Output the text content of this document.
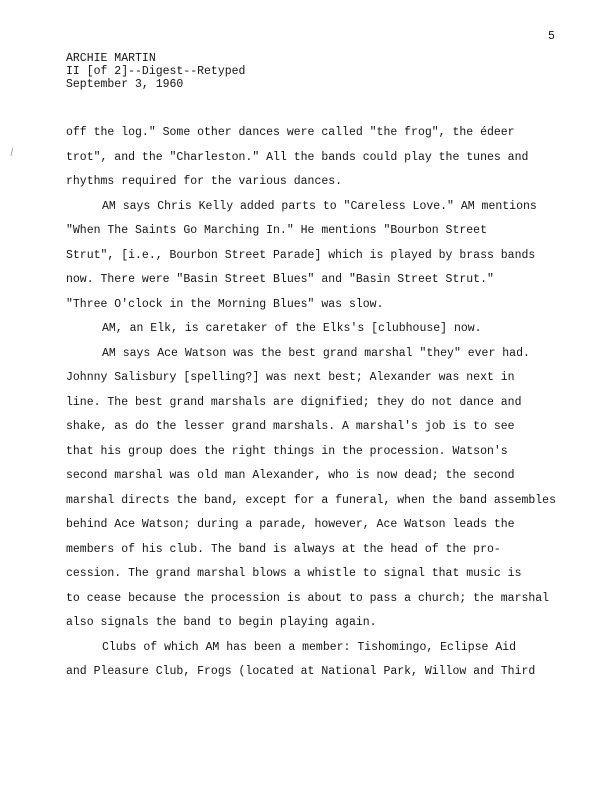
5
ARCHIE MARTIN
II [of 2]--Digest--Retyped
September 3, 1960
∖
off the log." Some other dances were called "the frog", the édeer
trot", and the "Charleston." All the bands could play the tunes and
rhythms required for the various dances.
AM says Chris Kelly added parts to "Careless Love." AM mentions
"When The Saints Go Marching In." He mentions "Bourbon Street
Strut", [i.e., Bourbon Street Parade] which is played by brass bands
now. There were "Basin Street Blues" and "Basin Street Strut."
"Three O'clock in the Morning Blues" was slow.
AM, an Elk, is caretaker of the Elks's [clubhouse] now.
AM says Ace Watson was the best grand marshal "they" ever had.
Johnny Salisbury [spelling?] was next best; Alexander was next in
line. The best grand marshals are dignified; they do not dance and
shake, as do the lesser grand marshals. A marshal's job is to see
that his group does the right things in the procession. Watson's
second marshal was old man Alexander, who is now dead; the second
marshal directs the band, except for a funeral, when the band assembles
behind Ace Watson; during a parade, however, Ace Watson leads the
members of his club. The band is always at the head of the pro-
cession. The grand marshal blows a whistle to signal that music is
to cease because the procession is about to pass a church; the marshal
also signals the band to begin playing again.
Clubs of which AM has been a member: Tishomingo, Eclipse Aid
and Pleasure Club, Frogs (located at National Park, Willow and Third
